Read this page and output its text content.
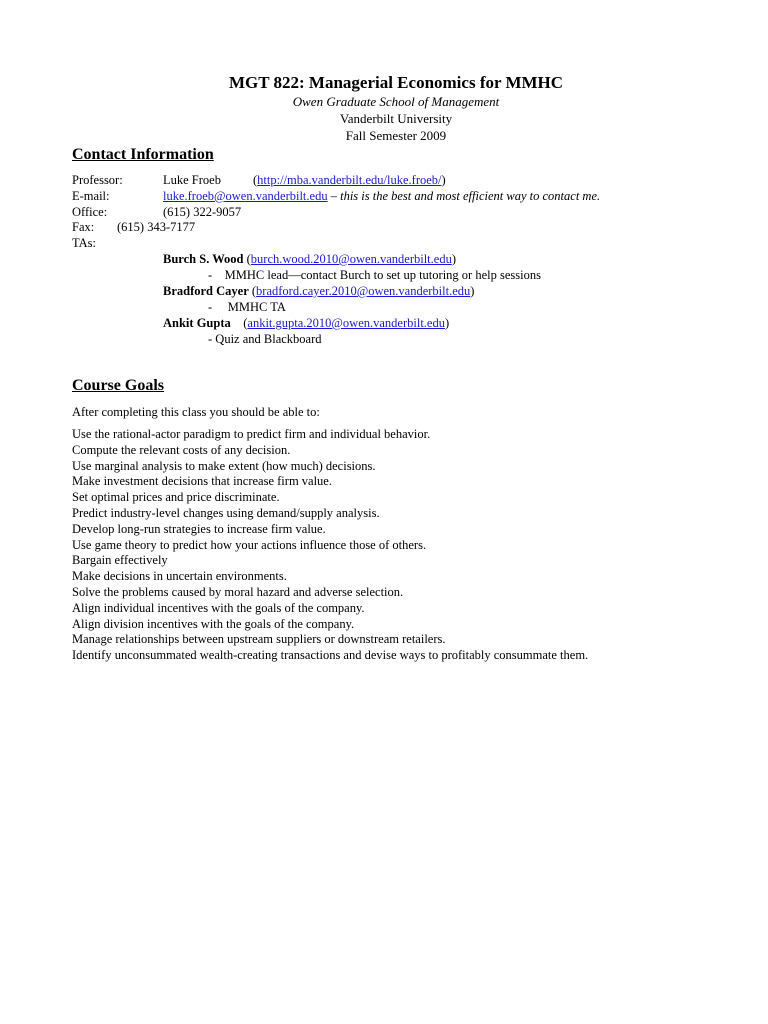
MGT 822: Managerial Economics for MMHC
Owen Graduate School of Management
Vanderbilt University
Fall Semester 2009
Contact Information
Professor:	Luke Froeb	(http://mba.vanderbilt.edu/luke.froeb/)
E-mail:	luke.froeb@owen.vanderbilt.edu – this is the best and most efficient way to contact me.
Office:	(615) 322-9057
Fax: (615) 343-7177
TAs:
Burch S. Wood (burch.wood.2010@owen.vanderbilt.edu)
-    MMHC lead—contact Burch to set up tutoring or help sessions
Bradford Cayer (bradford.cayer.2010@owen.vanderbilt.edu)
-     MMHC TA
Ankit Gupta    (ankit.gupta.2010@owen.vanderbilt.edu)
- Quiz and Blackboard
Course Goals
After completing this class you should be able to:
Use the rational-actor paradigm to predict firm and individual behavior.
Compute the relevant costs of any decision.
Use marginal analysis to make extent (how much) decisions.
Make investment decisions that increase firm value.
Set optimal prices and price discriminate.
Predict industry-level changes using demand/supply analysis.
Develop long-run strategies to increase firm value.
Use game theory to predict how your actions influence those of others.
Bargain effectively
Make decisions in uncertain environments.
Solve the problems caused by moral hazard and adverse selection.
Align individual incentives with the goals of the company.
Align division incentives with the goals of the company.
Manage relationships between upstream suppliers or downstream retailers.
Identify unconsummated wealth-creating transactions and devise ways to profitably consummate them.
